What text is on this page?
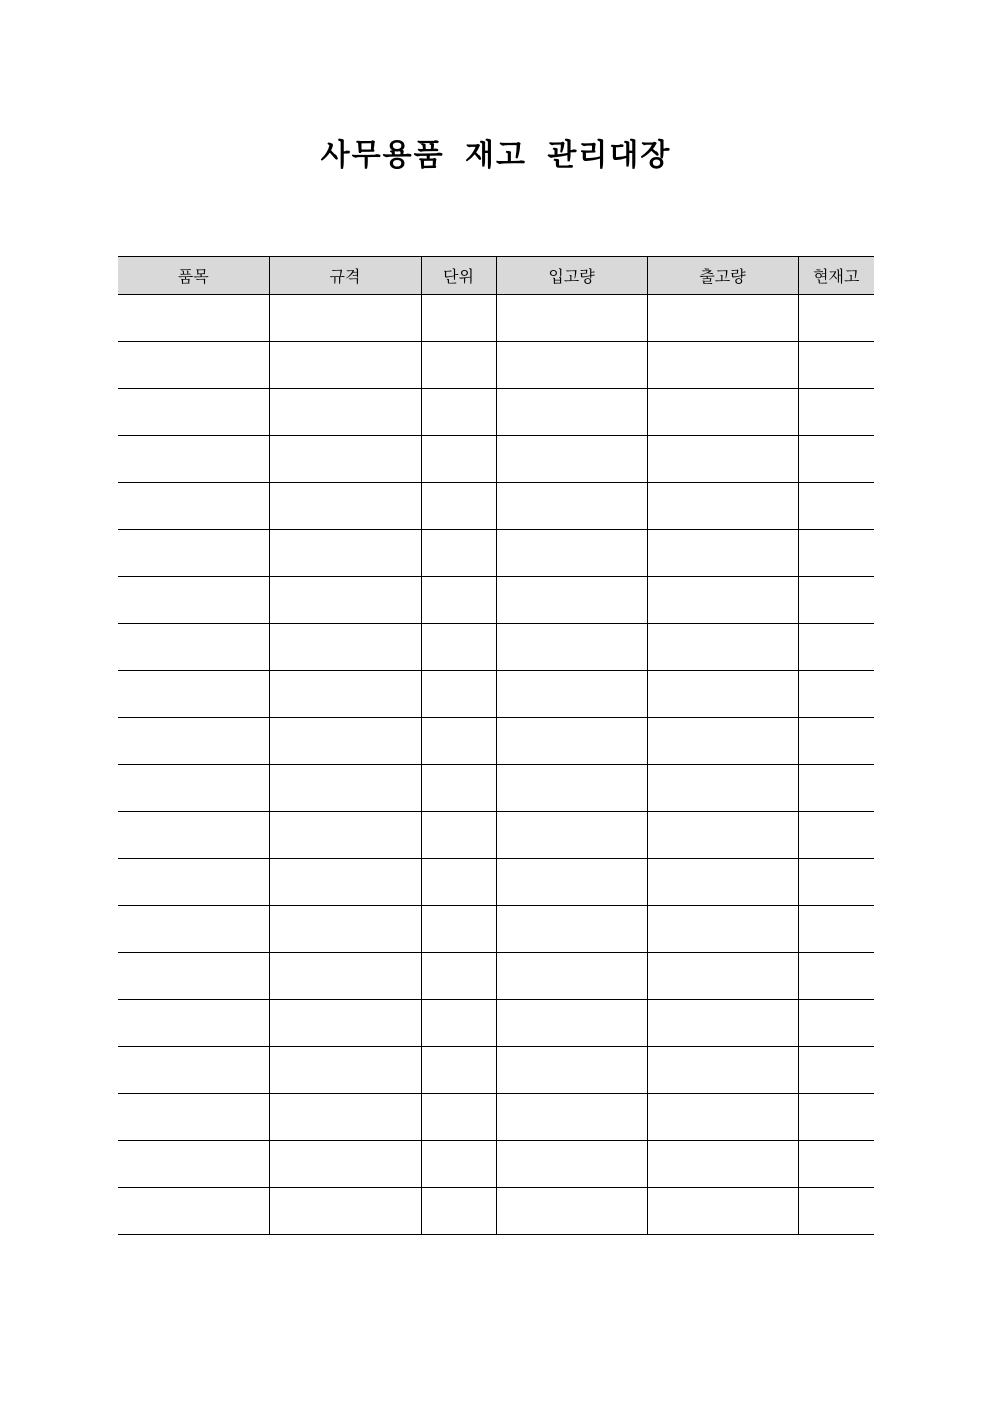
사무용품 재고 관리대장
품목	규격	단위	입고량	출고량	현재고
